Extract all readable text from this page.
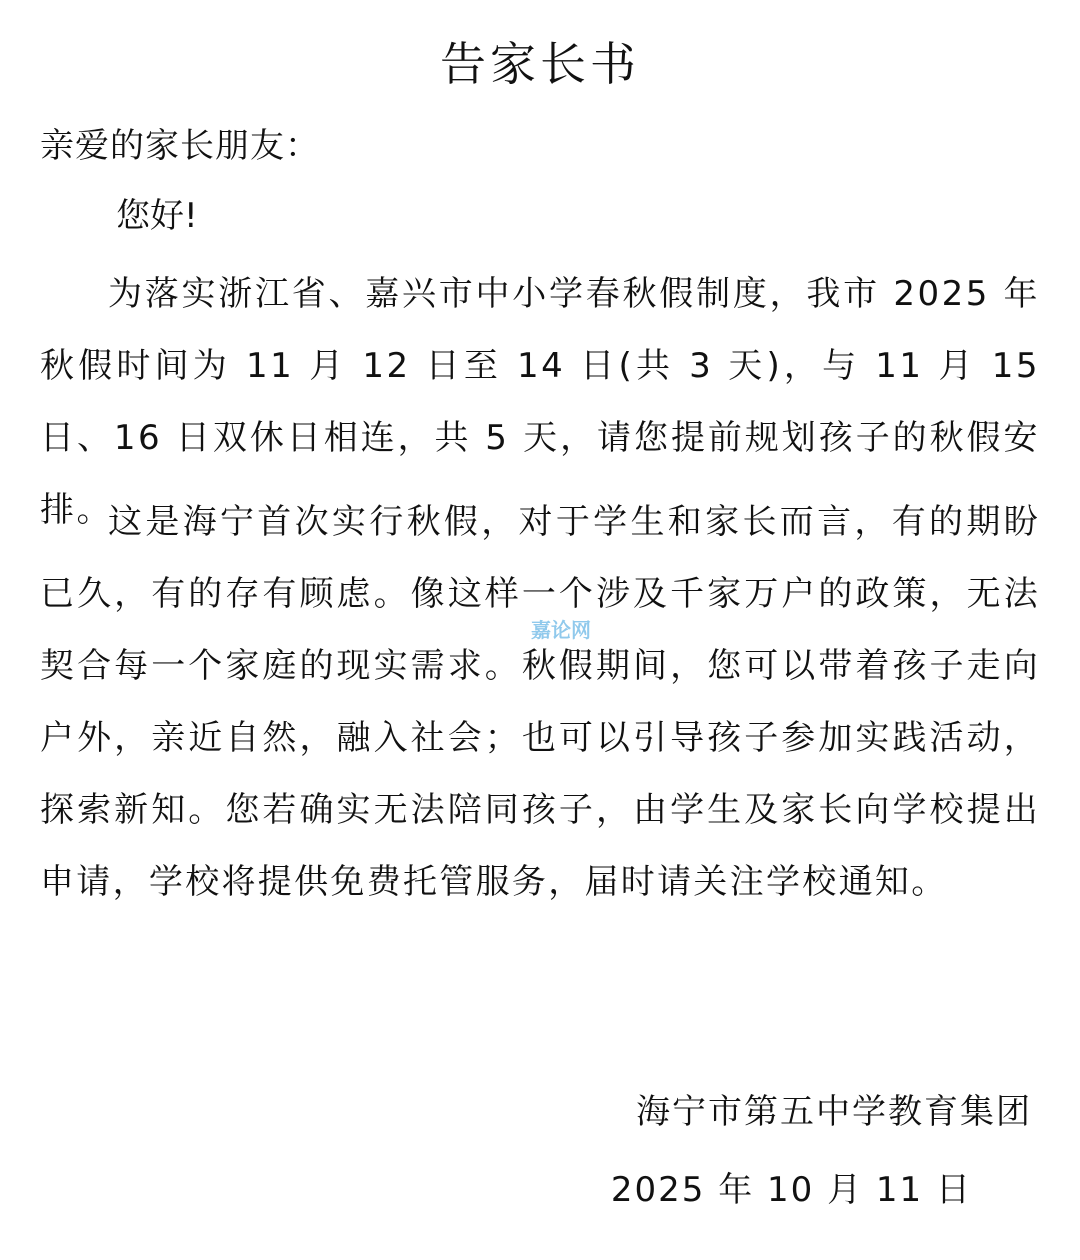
告家长书
亲爱的家长朋友：
您好!
为落实浙江省、嘉兴市中小学春秋假制度，我市 2025 年秋假时间为 11 月 12 日至 14 日(共 3 天)，与 11 月 15 日、16 日双休日相连，共 5 天，请您提前规划孩子的秋假安排。
这是海宁首次实行秋假，对于学生和家长而言，有的期盼已久，有的存有顾虑。像这样一个涉及千家万户的政策，无法契合每一个家庭的现实需求。秋假期间，您可以带着孩子走向户外，亲近自然，融入社会；也可以引导孩子参加实践活动，探索新知。您若确实无法陪同孩子，由学生及家长向学校提出申请，学校将提供免费托管服务，届时请关注学校通知。
嘉论网
海宁市第五中学教育集团
2025 年 10 月 11 日
